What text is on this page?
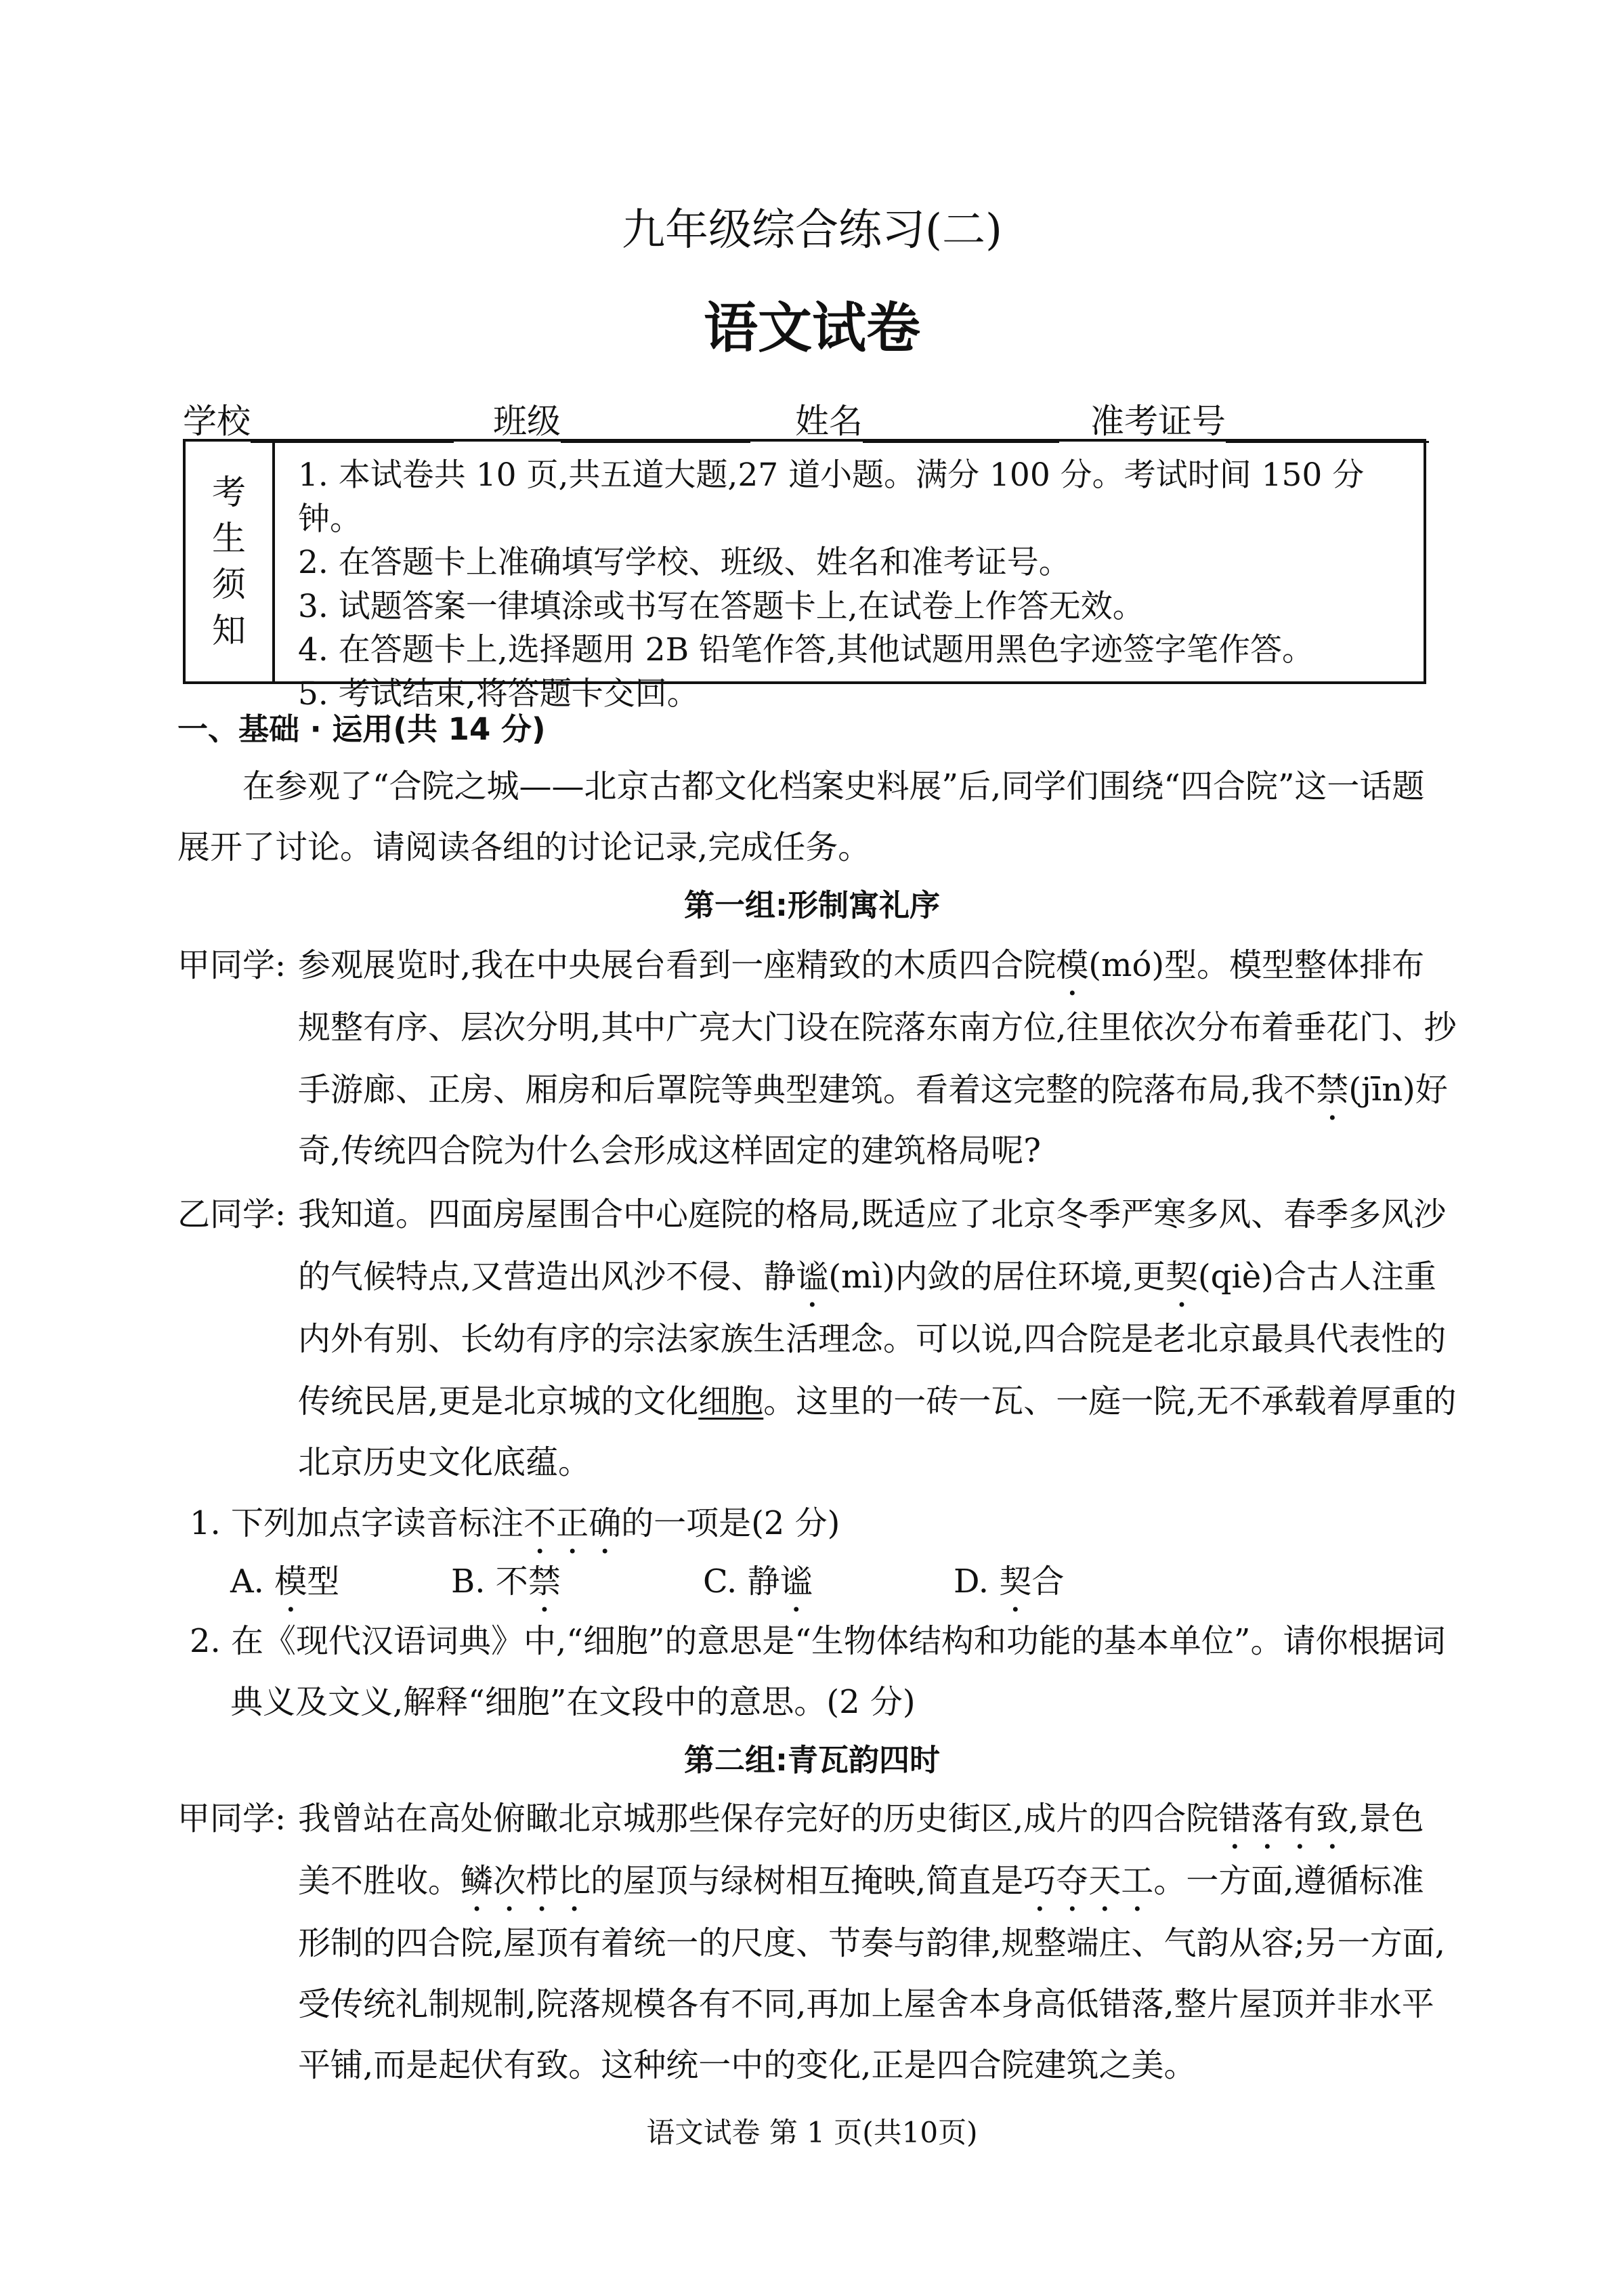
九年级综合练习(二)
语文试卷
学校	班级	姓名	准考证号
考
生
须
知
1. 本试卷共 10 页,共五道大题,27 道小题。满分 100 分。考试时间 150 分钟。
2. 在答题卡上准确填写学校、班级、姓名和准考证号。
3. 试题答案一律填涂或书写在答题卡上,在试卷上作答无效。
4. 在答题卡上,选择题用 2B 铅笔作答,其他试题用黑色字迹签字笔作答。
5. 考试结束,将答题卡交回。
一、基础 · 运用(共 14 分)
在参观了“合院之城——北京古都文化档案史料展”后,同学们围绕“四合院”这一话题
展开了讨论。请阅读各组的讨论记录,完成任务。
第一组:形制寓礼序
甲同学: 参观展览时,我在中央展台看到一座精致的木质四合院模(mó)型。模型整体排布
规整有序、层次分明,其中广亮大门设在院落东南方位,往里依次分布着垂花门、抄
手游廊、正房、厢房和后罩院等典型建筑。看着这完整的院落布局,我不禁(jīn)好
奇,传统四合院为什么会形成这样固定的建筑格局呢?
乙同学: 我知道。四面房屋围合中心庭院的格局,既适应了北京冬季严寒多风、春季多风沙
的气候特点,又营造出风沙不侵、静谧(mì)内敛的居住环境,更契(qiè)合古人注重
内外有别、长幼有序的宗法家族生活理念。可以说,四合院是老北京最具代表性的
传统民居,更是北京城的文化细胞。这里的一砖一瓦、一庭一院,无不承载着厚重的
北京历史文化底蕴。
1. 下列加点字读音标注不正确的一项是(2 分)
A. 模型	B. 不禁	C. 静谧	D. 契合
2. 在《现代汉语词典》中,“细胞”的意思是“生物体结构和功能的基本单位”。请你根据词
典义及文义,解释“细胞”在文段中的意思。(2 分)
第二组:青瓦韵四时
甲同学: 我曾站在高处俯瞰北京城那些保存完好的历史街区,成片的四合院错落有致,景色
美不胜收。鳞次栉比的屋顶与绿树相互掩映,简直是巧夺天工。一方面,遵循标准
形制的四合院,屋顶有着统一的尺度、节奏与韵律,规整端庄、气韵从容;另一方面,
受传统礼制规制,院落规模各有不同,再加上屋舍本身高低错落,整片屋顶并非水平
平铺,而是起伏有致。这种统一中的变化,正是四合院建筑之美。
语文试卷 第 1 页(共10页)
